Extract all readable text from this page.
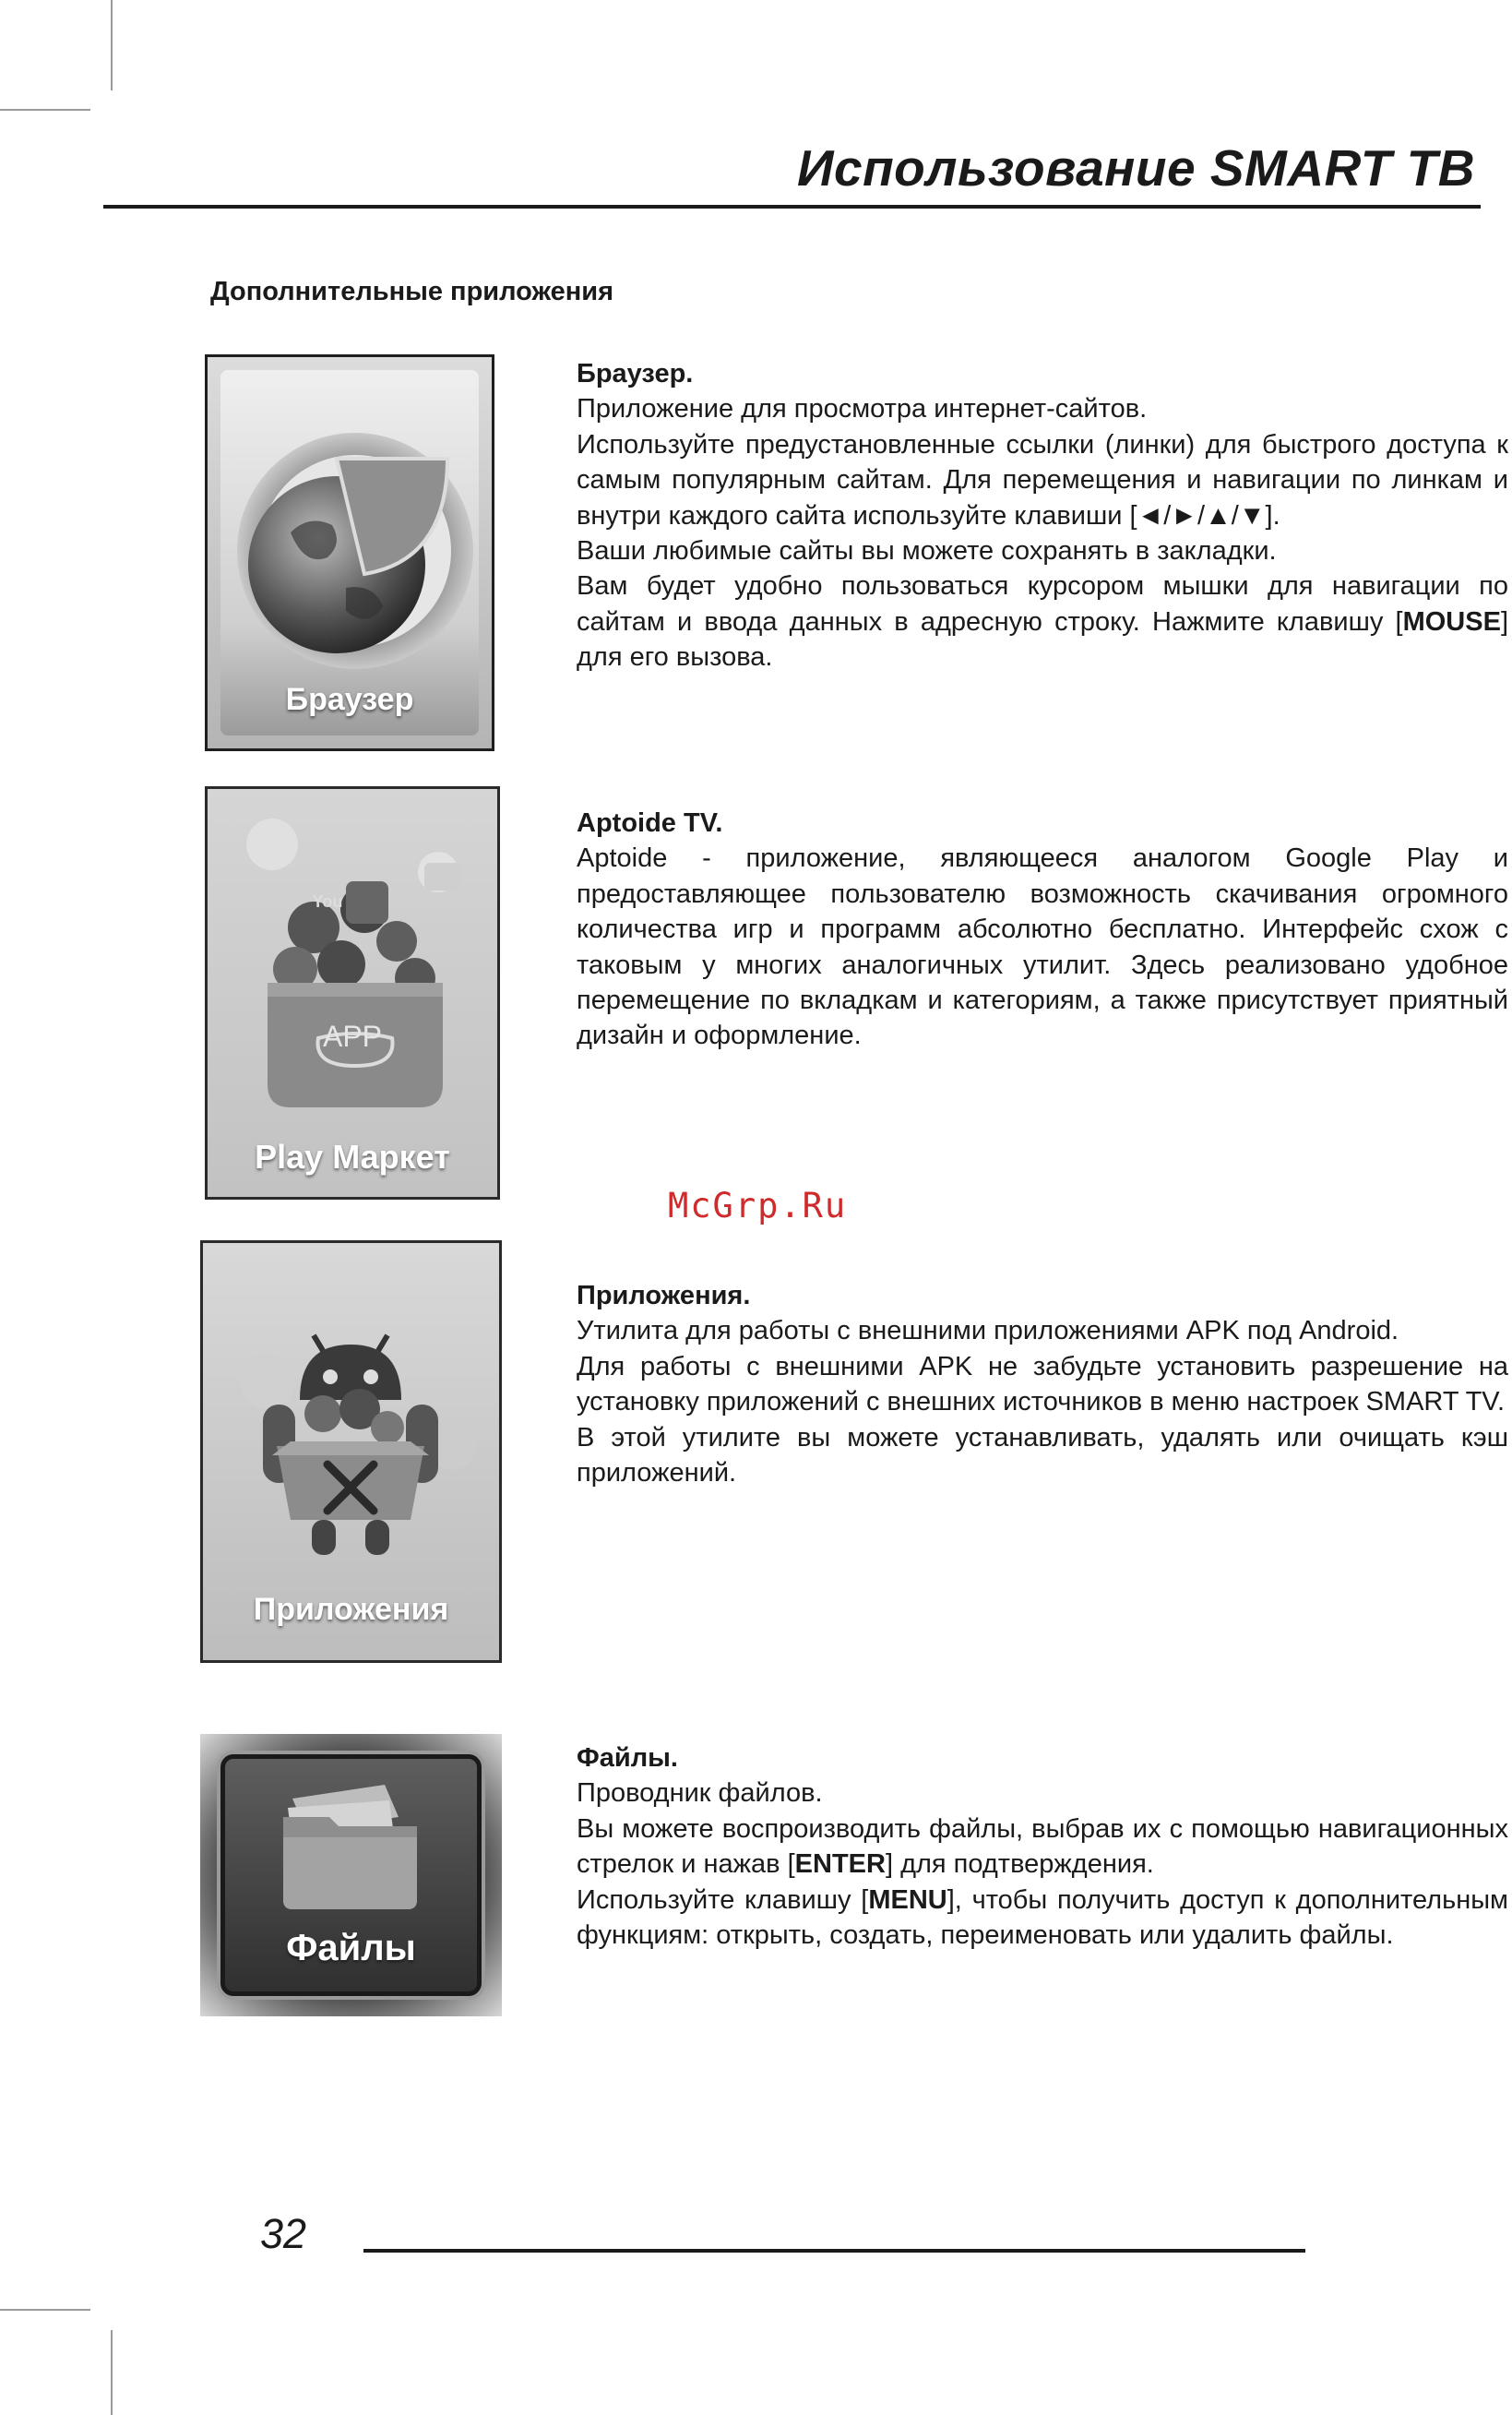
Использование SMART TB
Дополнительные приложения
Браузер

Браузер.

Приложение для просмотра интернет-сайтов.

Используйте предустановленные ссылки (линки) для быстрого доступа к самым популярным сайтам. Для перемещения и навигации по линкам и внутри каждого сайта используйте клавиши [◄/►/▲/▼].

Ваши любимые сайты вы можете сохранять в закладки.

Вам будет удобно пользоваться курсором мышки для навигации по сайтам и ввода данных в адресную строку. Нажмите клавишу [MOUSE] для его вызова.

You
APP
Play Маркет

Aptoide TV.

Aptoide - приложение, являющееся аналогом Google Play и предоставляющее пользователю возможность скачивания огромного количества игр и программ абсолютно бесплатно. Интерфейс схож с таковым у многих аналогичных утилит. Здесь реализовано удобное перемещение по вкладкам и категориям, а также присутствует приятный дизайн и оформление.

McGrp.Ru
Приложения

Приложения.

Утилита для работы с внешними приложениями APK под Android.

Для работы с внешними APK не забудьте установить разрешение на установку приложений с внешних источников в меню настроек SMART TV.

В этой утилите вы можете устанавливать, удалять или очищать кэш приложений.

Файлы

Файлы.

Проводник файлов.

Вы можете воспроизводить файлы, выбрав их с помощью навигационных стрелок и нажав [ENTER] для подтверждения.

Используйте клавишу [MENU], чтобы получить доступ к дополнительным функциям: открыть, создать, переименовать или удалить файлы.

32
